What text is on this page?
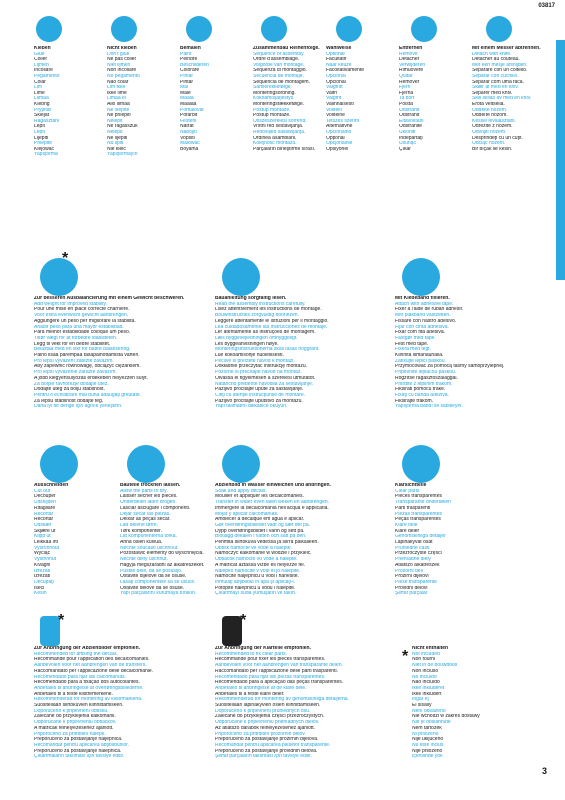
03817
Kleben
Glue
Coller
Lijmen
Incollare
Pegamento
Colar
Lim
Lime
Liimaa
Klebrig
Prypitat
Skleját
Ragasztani
Lepit
Lepit
Lijepiti
Prilepite
Klejować
Yapıştırma
Nicht kleben
Don't glue
Ne pas coller
Niet lijmen
Non incollare
No pegamento
Não colar
Lim ikke
Ikke lime
Limaa ei
Ällö liimaa
Ne vlepite
Ne prilepiti
Nelepit
Ne ragasszuk
Nelepit
Ne lijepiti
Nu lipiti
Nie kleić
Yapıştırmayın
Bemalen
Paint
Peindre
Beschilderen
Colorare
Pintar
Pintar
Mal
Male
Maala
Maalaa
Pomalovat
Pofarbit
Festeni
Natrat
Nabojiti
Vopsiti
Malować
Boyama
Zusammenbau Reihenfolge.
Sequence of assembly.
Ordre d'assemblage.
Volgorde van montage.
Sequenza di montaggio.
Secuencia de montaje.
Sequência de montagem.
Samlerekkefølge.
Monteringsordning.
Kokoamisjärjestys.
Monteringsrækkefølge.
Postup montáže.
Postup montáže.
Összeszerelési sorrend.
Vrstni red sestavljanja.
Redoslijed sastavljanja.
Ordinea asamblării.
Kolejność montażu.
Parçaların birleştirme sırası.
Wahlweise
Optional
Facultatif
Naar keuze
Facoltativamente
Opcional
Opcional
Valgfritt
Valfri
Valgfrit
Valinnaisesti
Voliteln
Volitelné
Tetszés szerint
Alternativne
Opcionalno
Opţional
Opcjonalnie
Opsiyonel
Entfernen
Remove
Détacher
Verwijderen
Rimuovere
Quitar
Remover
Fjern
Fjerna
Ta bort
Poista
Odstranit
Odstrániť
Eltávolítani
Odstranite
Ukloniti
Îndepărtaţi
Usunąć
Çıkar
Mit einem Messer abtrennen.
Detach with knife.
Détacher au couteau.
Met een mesje afsnijden.
Separare con un coltello.
Separar con cuchillo.
Separar com uma faca.
Skær af med en kniv.
Separer med kniv.
Skill skilas av med en kniv.
Erota veitsellä.
Oddělte nožem.
Oddeľte nožom.
Késsel leválasztani.
Odrežite z nožem.
Odvojiti nožem.
Desprindeţi cu un cuţit.
Odciąć nożem.
Bir bıçak ile kesin.
*
Zur besseren Ausbalancierung mit einem Gewicht beschweren.
Add weight for improved stability.
Pour une mise en place correcte charnière.
Voor extra evenwicht gewicht aanbrengen.
Aggiungere un peso per migliorare la stabilità.
Añadir peso para una mayor estabilidad.
Para melhor estabilidade coloque um peso.
Tilfør vægt for at forbedre stabiliteten.
Legg til vekt for en bedre stabilitet.
Belastaa med en vikt för bättre balansering.
Paino lisää parempaa tasapainottamista varten.
Pro lepší vyvážení zatěžte závažím.
Aby zapewnić równowagę, obciążyć ciężarkiem.
Pro lepší vyváženie zaťažte závažím.
A jobb kiegyensúlyozás érdekében helyezzen súlyt.
Za boljše ravnotežje dodajte utež.
Dodajte uteg za bolju stabilnost.
Pentru o echilibrare mai bună adăugaţi greutate.
Za lepšu stabilnost dodajte teg.
Daha iyi bir denge için ağırlık yerleştirin.
Bauanleitung sorgfältig lesen.
Read the assembly instructions carefully.
Lisez attentivement les instructions de montage.
Bouwinstructies zorgvuldig doorlezen.
Leggere attentamente le istruzioni per il montaggio.
Lea cuidadosamente las instrucciones de montaje.
Ler atentamente as instruções de montagem.
Læs byggevejledningen omhyggeligt.
Les byggeanvisningen nøye.
Monteringsinstruktionerna skall läsas noggrant.
Lue kokoamisohje huolellisesti.
Pečlivě si přečtěte návod k montáži.
Dokładnie przeczytać instrukcję montażu.
Pozorne si prečítajte návod na montáž.
Olvassa el figyelmesen a szerelési útmutatót.
Natančno preberite navodila za sestavljanje.
Pažljivo pročitajte upute za sastavljanje.
Citiţi cu atenţie instrucţiunile de montare.
Pažljivo pročitajte uputstvo za montažu.
Yapı talimatını dikkatlice okuyun.
Mit Klebeband fixieren.
Attach with adhesive tape.
Fixer à l'aide de ruban adhésif.
Met plakband vastzetten.
Fissare con nastro adesivo.
Fijar con cinta adhesiva.
Fixar com fita adesiva.
Fastgør med tape.
Fest med tape.
Fixera med tejp.
Kiinnitä liimanauhalla.
Zafixujte lepicí páskou.
Przymocować za pomocą taśmy samoprzylepnej.
Pripevnite lepiacou páskou.
Rögzítse ragasztószalaggal.
Pritrdite z lepilnim trakom.
Fiksirati pomoću trake.
Fixaţi cu bandă adezivă.
Fiksirajte trakom.
Yapıştırma bandı ile sabitleyin.
Ausschneiden
Cut out
Découper
Uitsnijden
Ritagliare
Recortar
Recortar
Udskær
Skjære ut
Klipp ut
Leikkaa irti
Vystříhnout
Wyciąć
Vystrihnúť
Kivágni
Izrezati
Izrezati
Decupaţi
Iseći
Kesin
Bauteile trocknen lassen.
Allow the parts to dry.
Laisser sécher les pièces.
Onderdelen laten drogen.
Lasciar asciugare i componenti.
Dejar secar las piezas.
Deixar as peças secar.
Lad delene tørre.
Tørk komponenter.
Låt komponenterna torka.
Anna osien kuivua.
Nechte součásti uschnout.
Pozostawić elementy do wyschnięcia.
Nechte diely uschnúť.
Hagyja megszáradni az alkatrészeket.
Pustite dele, da se posušijo.
Ostavite dijelove da se osuše.
Lăsaţi componentele să se usuce.
Ostavite delove da se osuše.
Yapı parçalarını kurumaya bırakın.
Abziehbild in Wasser einweichen und anbringen.
Soak and apply decals.
Mouiller et appliquer les décalcomanies.
Transfer in water even laten weken en aanbrengen.
Immergere la decalcomania nell'acqua e applicarla.
Mojar y aplicar calcomanías.
Amolecer a decalque em água e aplicar.
Gør overføringsbilledet vådt og sæt det på.
Dypp overføringsbildet i vann og sett på.
Blötlägg dekalen i vatten och sätt på den.
Pehmitä siirtokuva vedessä ja siirrä paikalleen.
Obtisk namočte ve vodě a nalepte.
Namoczyć kalkomanie w wodzie i przykleić.
Obtlačok namočte vo vode a nalepte.
A matricát áztassa vízbe és helyezze fel.
Nalepko namočite v vodi in jo nalepite.
Namočite naljepnicu u vodi i nanesite.
Înmuiaţi abţibildul în apă şi aplicaţi-l.
Potopite nalepnicu u vodu i nalepite.
Çıkartmayı suda yumuşatın ve takın.
Klarsichtteile
Clear parts
Pièces transparentes
Transparante onderdelen
Parti trasparenti
Piezas transparentes
Peças transparentes
Klare dele
Klare deler
Genomskinliga detaljer
Läpinäkyvät osat
Průhledné části
Przezroczyste części
Priehľadné diely
Átlátszó alkatrészek
Prozorni deli
Prozirni dijelovi
Piese transparente
Providni delovi
Şeffaf parçalar
*
Zur Anbringung der Abziehbilder empfohlen.
Recommended for affixing the decals.
Recommandé pour l'application des décalcomanies.
Aanbevolen voor het aanbrengen van de transfers.
Raccomandato per l'applicazione delle decalcomanie.
Recomendado para fijar las calcomanías.
Recomendado para a fixação dos autocolantes.
Anbefales til anbringelse af overføringsbillederne.
Anbefales til å feste klistremerkene.
Rekommenderad för montering av klistrmärkena.
Suositellaan siirtokuvien kiinnittämiseen.
Doporučeno k připevnění obtisků.
Zalecane do przyklejenia kalkomanii.
Odporúčané k pripevneniu obtlačkov.
A matricák felhelyezéséhez ajánlott.
Priporočeno za pritrditev nalepk.
Preporučeno za postavljanje naljepnica.
Recomandat pentru aplicarea abţibildurilor.
Preporučeno za postavljanje nalepnica.
Çıkartmaların takılması için tavsiye edilir.
*
Zur Anbringung der Klarteile empfohlen.
Recommended to fix clear parts.
Recommandé pour fixer les pièces transparentes.
Aanbevolen voor het aanbrengen van transparante delen.
Raccomandato per l'applicazione delle parti trasparenti.
Recomendado para fijar las piezas transparentes.
Recomendado para a aplicação das peças transparentes.
Anbefales til anbringelse af de klare dele.
Anbefales til å feste klare deler.
Rekommenderad för montering av genomskinliga detaljerna.
Suositellaan läpinäkyvien osien kiinnittämiseen.
Doporučeno k připevnění průhledných dílů.
Zalecane do przyklejenia części przezroczystych.
Odporúčané k pripevneniu priehľadných dielov.
Az átlátszó darabok felhelyezéséhez ajánlott.
Priporočeno za pritrditev prozornih delov.
Preporučeno za postavljanje prozirnih dijelova.
Recomandat pentru aplicarea pieselor transparente.
Preporučeno za postavljanje providnih delova.
Şeffaf parçaların takılması için tavsiye edilir.
* Nicht enthalten
Not included
Non fourni
Niet in de bouwdoos
Non incluso
No incluido
Não incluído
Ikke inkluderet
Ikke inkludert
Ingår ej
Ei sisälly
Není obsaženo
Nie wchodzi w zakres dostawy
Nie je obsiahnuté
Nem tartozék
Ni priloženo
Nije uključeno
Nu este inclus
Nije priloženo
İçerisinde yok
3
